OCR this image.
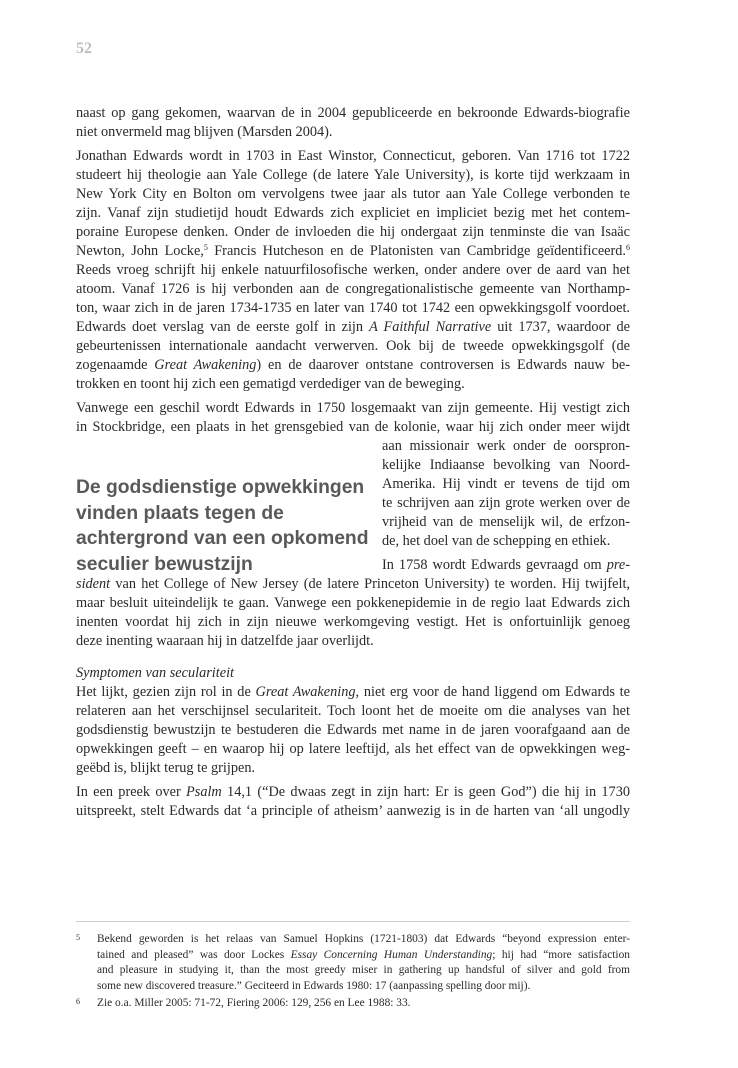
52
naast op gang gekomen, waarvan de in 2004 gepubliceerde en bekroonde Edwards-biografie
niet onvermeld mag blijven (Marsden 2004).
Jonathan Edwards wordt in 1703 in East Winstor, Connecticut, geboren. Van 1716 tot 1722
studeert hij theologie aan Yale College (de latere Yale University), is korte tijd werkzaam in
New York City en Bolton om vervolgens twee jaar als tutor aan Yale College verbonden te
zijn. Vanaf zijn studietijd houdt Edwards zich expliciet en impliciet bezig met het contem-
poraine Europese denken. Onder de invloeden die hij ondergaat zijn tenminste die van Isaäc
Newton, John Locke,$^5$ Francis Hutcheson en de Platonisten van Cambridge geïdentificeerd.$^6$
Reeds vroeg schrijft hij enkele natuurfilosofische werken, onder andere over de aard van het
atoom. Vanaf 1726 is hij verbonden aan de congregationalistische gemeente van Northamp-
ton, waar zich in de jaren 1734-1735 en later van 1740 tot 1742 een opwekkingsgolf voordoet.
Edwards doet verslag van de eerste golf in zijn A Faithful Narrative uit 1737, waardoor de
gebeurtenissen internationale aandacht verwerven. Ook bij de tweede opwekkingsgolf (de
zogenaamde Great Awakening) en de daarover ontstane controversen is Edwards nauw be-
trokken en toont hij zich een gematigd verdediger van de beweging.
Vanwege een geschil wordt Edwards in 1750 losgemaakt van zijn gemeente. Hij vestigt zich
in Stockbridge, een plaats in het grensgebied van de kolonie, waar hij zich onder meer wijdt
aan missionair werk onder de oorspron-
kelijke Indiaanse bevolking van Noord-
Amerika. Hij vindt er tevens de tijd om
te schrijven aan zijn grote werken over de
vrijheid van de menselijk wil, de erfzon-
de, het doel van de schepping en ethiek.
In 1758 wordt Edwards gevraagd om pre-
sident van het College of New Jersey (de latere Princeton University) te worden. Hij twijfelt,
maar besluit uiteindelijk te gaan. Vanwege een pokkenepidemie in de regio laat Edwards zich
inenten voordat hij zich in zijn nieuwe werkomgeving vestigt. Het is onfortuinlijk genoeg
deze inenting waaraan hij in datzelfde jaar overlijdt.
Symptomen van seculariteit
Het lijkt, gezien zijn rol in de Great Awakening, niet erg voor de hand liggend om Edwards te
relateren aan het verschijnsel seculariteit. Toch loont het de moeite om die analyses van het
godsdienstig bewustzijn te bestuderen die Edwards met name in de jaren voorafgaand aan de
opwekkingen geeft – en waarop hij op latere leeftijd, als het effect van de opwekkingen weg-
geëbd is, blijkt terug te grijpen.
In een preek over Psalm 14,1 (“De dwaas zegt in zijn hart: Er is geen God”) die hij in 1730
uitspreekt, stelt Edwards dat ‘a principle of atheism’ aanwezig is in de harten van ‘all ungodly
De godsdienstige opwekkingen
vinden plaats tegen de
achtergrond van een opkomend
seculier bewustzijn
5 Bekend geworden is het relaas van Samuel Hopkins (1721-1803) dat Edwards “beyond expression enter-
tained and pleased” was door Lockes Essay Concerning Human Understanding; hij had “more satisfaction
and pleasure in studying it, than the most greedy miser in gathering up handsful of silver and gold from
some new discovered treasure.” Geciteerd in Edwards 1980: 17 (aanpassing spelling door mij).
6 Zie o.a. Miller 2005: 71-72, Fiering 2006: 129, 256 en Lee 1988: 33.
